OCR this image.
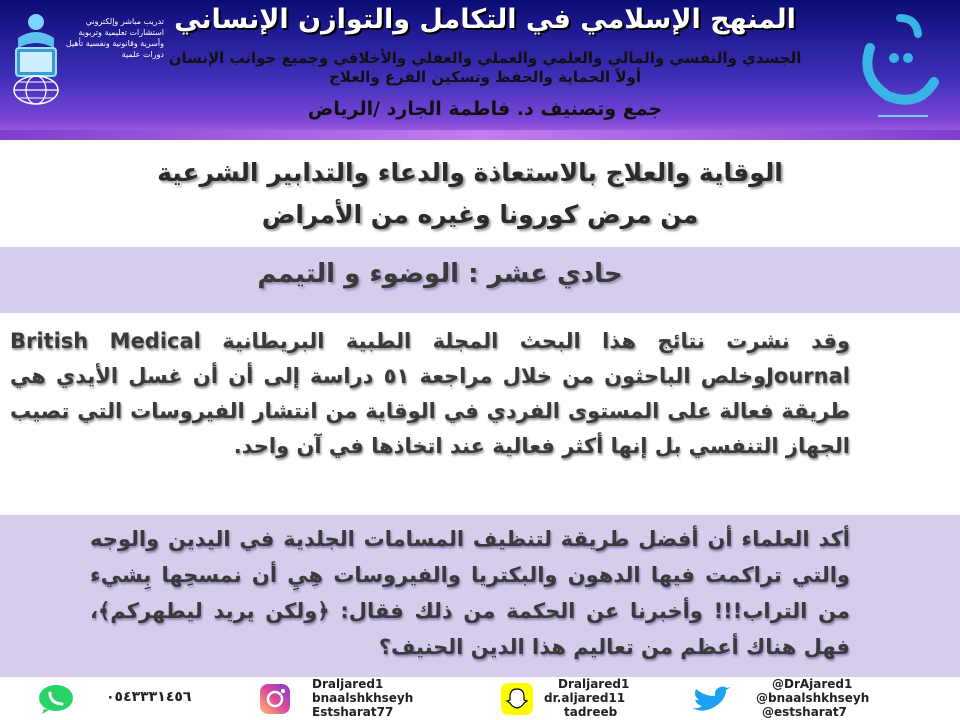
تدريب مباشر وإلكتروني استشارات تعليمية وتربوية وأسرية وقانونية ونفسية تأهيل دورات علمية
المنهج الإسلامي في التكامل والتوازن الإنساني
الجسدي والنفسي والمالي والعلمي والعملي والعقلي والأخلاقي وجميع جوانب الإنسان
أولاً الحماية والحفظ وتسكين الفرع والعلاج
جمع وتصنيف د. فاطمة الجارد /الرياض
الوقاية والعلاج بالاستعاذة والدعاء والتدابير الشرعية
من مرض كورونا وغيره من الأمراض
حادي عشر : الوضوء و التيمم
وقد نشرت نتائج هذا البحث المجلة الطبية البريطانية British Medical Journalوخلص الباحثون من خلال مراجعة ٥١ دراسة إلى أن أن غسل الأيدي هي طريقة فعالة على المستوى الفردي في الوقاية من انتشار الفيروسات التي تصيب الجهاز التنفسي بل إنها أكثر فعالية عند اتخاذها في آن واحد.
أكد العلماء أن أفضل طريقة لتنظيف المسامات الجلدية في اليدين والوجه والتي تراكمت فيها الدهون والبكتريا والفيروسات هِيِ أن نمسحِها بِشيء من التراب!!! وأخبرنا عن الحكمة من ذلك فقال: ﴿ولكن يريد ليطهركم﴾، فهل هناك أعظم من تعاليم هذا الدين الحنيف؟
٠٥٤٣٣٣١٤٥٦
Draljared1
bnaalshkhseyh
Estsharat77
Draljared1
dr.aljared11
tadreeb
@DrAjared1
@bnaalshkhseyh
@estsharat7
